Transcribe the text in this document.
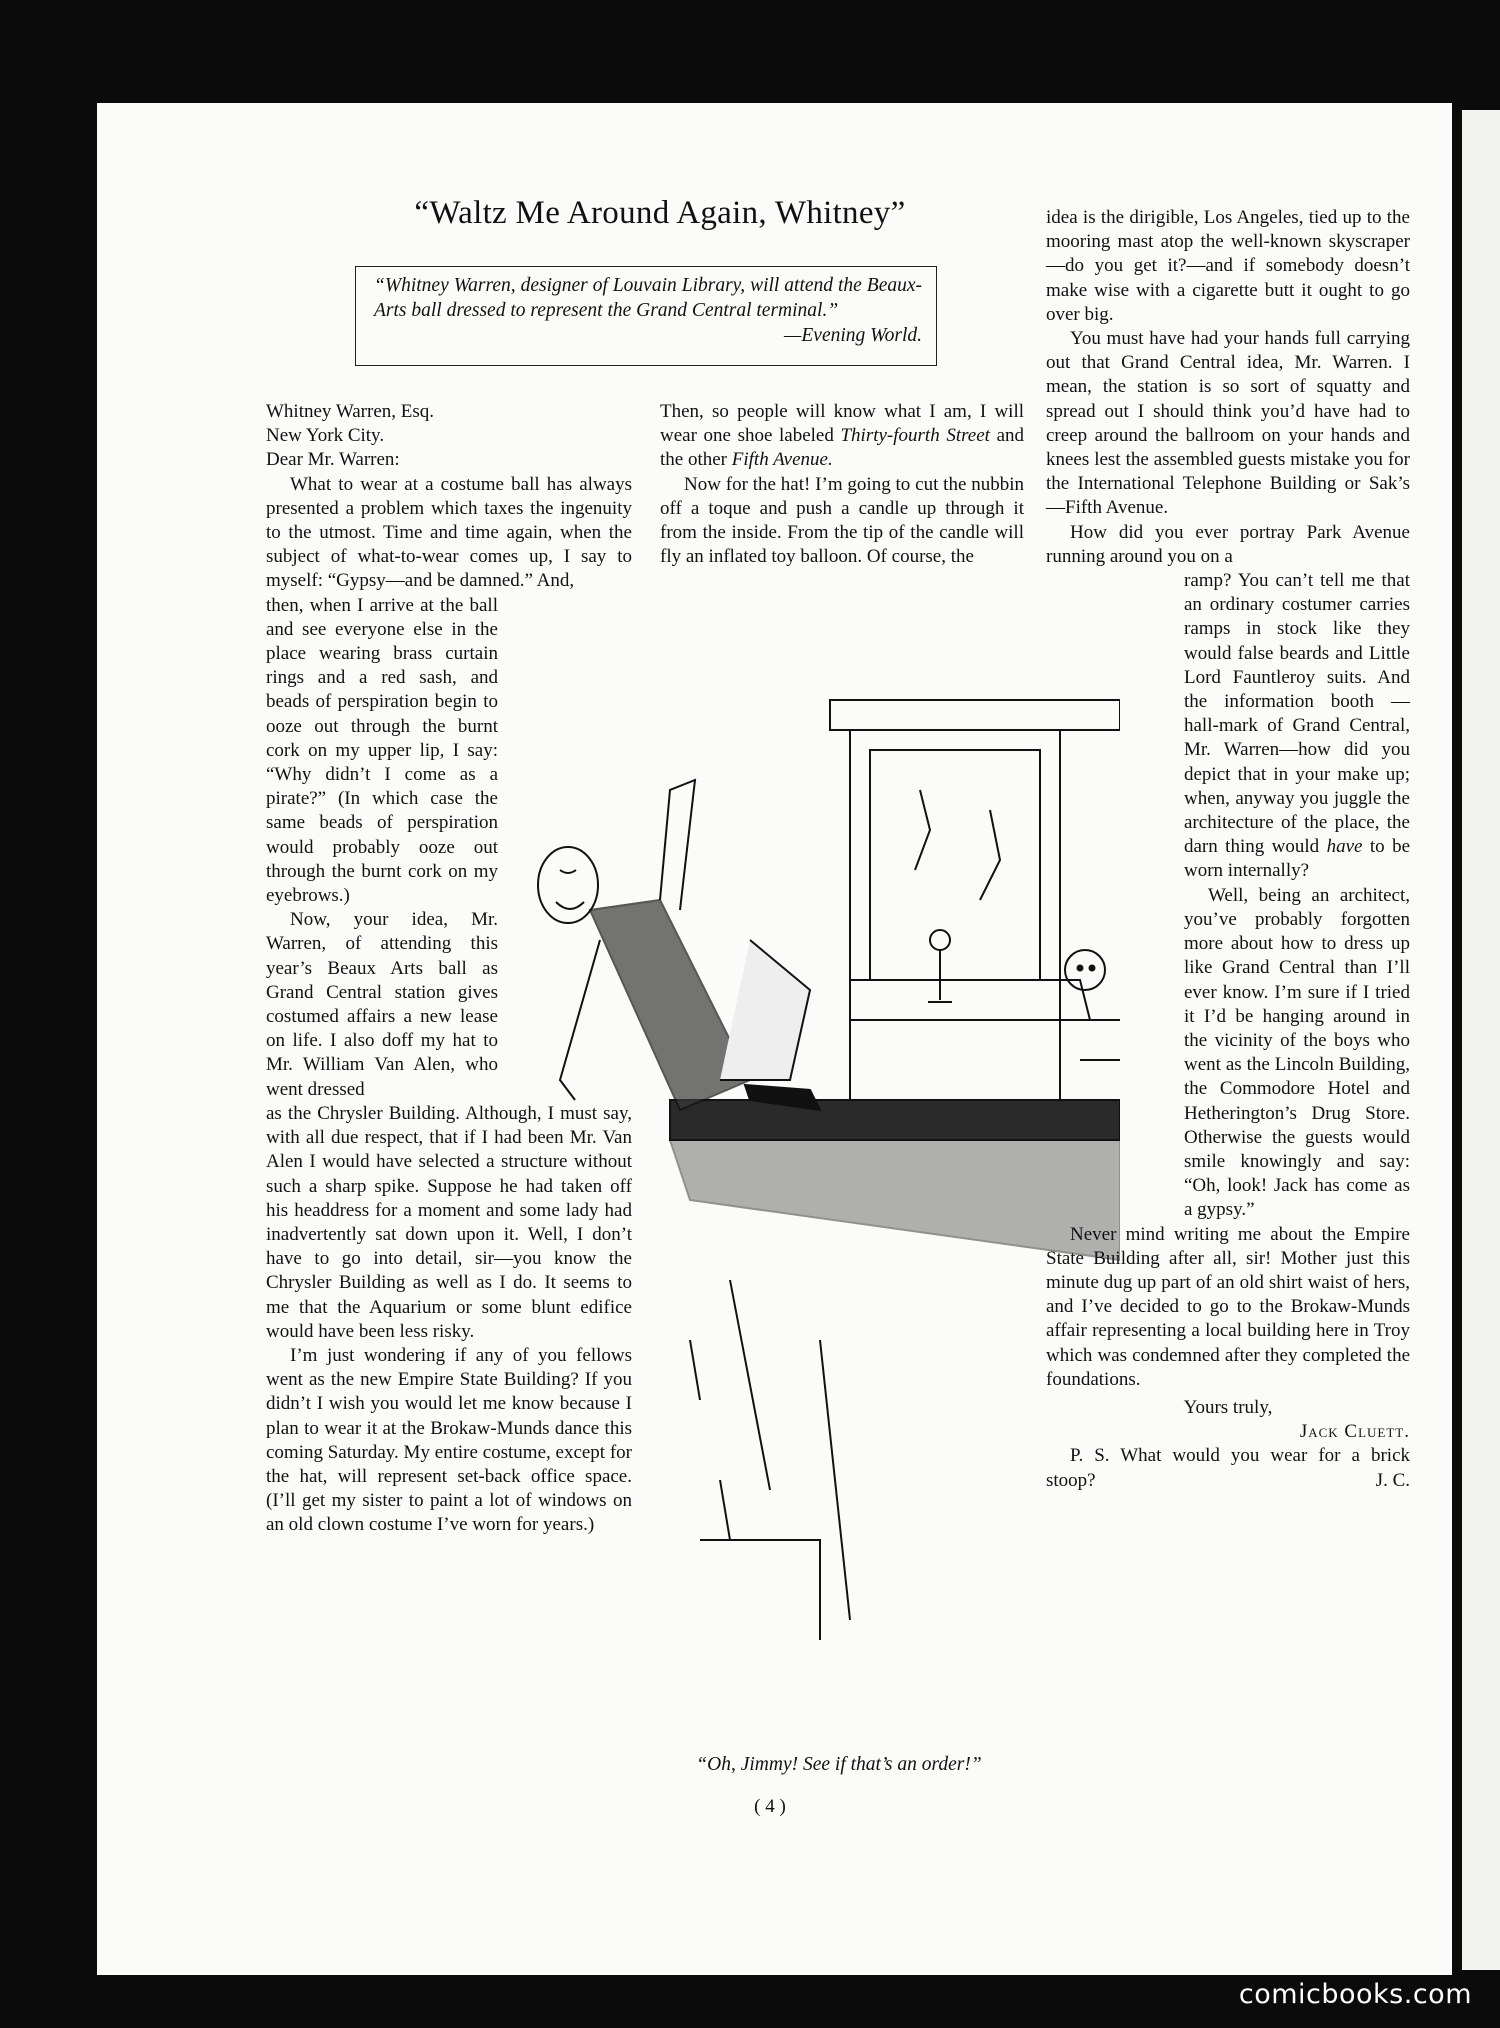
“Waltz Me Around Again, Whitney”
“Whitney Warren, designer of Louvain Library, will attend the Beaux-Arts ball dressed to represent the Grand Central terminal.”
—Evening World.
Whitney Warren, Esq.
New York City.
Dear Mr. Warren:

What to wear at a costume ball has always presented a problem which taxes the ingenuity to the utmost. Time and time again, when the subject of what-to-wear comes up, I say to myself: “Gypsy—and be damned.” And,

then, when I arrive at the ball and see everyone else in the place wearing brass curtain rings and a red sash, and beads of perspiration begin to ooze out through the burnt cork on my upper lip, I say: “Why didn’t I come as a pirate?” (In which case the same beads of perspiration would probably ooze out through the burnt cork on my eyebrows.)

Now, your idea, Mr. Warren, of attending this year’s Beaux Arts ball as Grand Central station gives costumed affairs a new lease on life. I also doff my hat to Mr. William Van Alen, who went dressed

as the Chrysler Building. Although, I must say, with all due respect, that if I had been Mr. Van Alen I would have selected a structure without such a sharp spike. Suppose he had taken off his headdress for a moment and some lady had inadvertently sat down upon it. Well, I don’t have to go into detail, sir—you know the Chrysler Building as well as I do. It seems to me that the Aquarium or some blunt edifice would have been less risky.

I’m just wondering if any of you fellows went as the new Empire State Building? If you didn’t I wish you would let me know because I plan to wear it at the Brokaw-Munds dance this coming Saturday. My entire costume, except for the hat, will represent set-back office space. (I’ll get my sister to paint a lot of windows on an old clown costume I’ve worn for years.)

Then, so people will know what I am, I will wear one shoe labeled Thirty-fourth Street and the other Fifth Avenue.

Now for the hat! I’m going to cut the nubbin off a toque and push a candle up through it from the inside. From the tip of the candle will fly an inflated toy balloon. Of course, the

idea is the dirigible, Los Angeles, tied up to the mooring mast atop the well-known skyscraper—do you get it?—and if somebody doesn’t make wise with a cigarette butt it ought to go over big.

You must have had your hands full carrying out that Grand Central idea, Mr. Warren. I mean, the station is so sort of squatty and spread out I should think you’d have had to creep around the ballroom on your hands and knees lest the assembled guests mistake you for the International Telephone Building or Sak’s—Fifth Avenue.

How did you ever portray Park Avenue running around you on a

ramp? You can’t tell me that an ordinary costumer carries ramps in stock like they would false beards and Little Lord Fauntleroy suits. And the information booth — hall-mark of Grand Central, Mr. Warren—how did you depict that in your make up; when, anyway you juggle the architecture of the place, the darn thing would have to be worn internally?

Well, being an architect, you’ve probably forgotten more about how to dress up like Grand Central than I’ll ever know. I’m sure if I tried it I’d be hanging around in the vicinity of the boys who went as the Lincoln Building, the Commodore Hotel and Hetherington’s Drug Store. Otherwise the guests would smile knowingly and say: “Oh, look! Jack has come as a gypsy.”

Never mind writing me about the Empire State Building after all, sir! Mother just this minute dug up part of an old shirt waist of hers, and I’ve decided to go to the Brokaw-Munds affair representing a local building here in Troy which was condemned after they completed the foundations.

Yours truly,

Jack Cluett.

P. S. What would you wear for a brick stoop?	J. C.

“Oh, Jimmy! See if that’s an order!”
( 4 )
comicbooks.com
